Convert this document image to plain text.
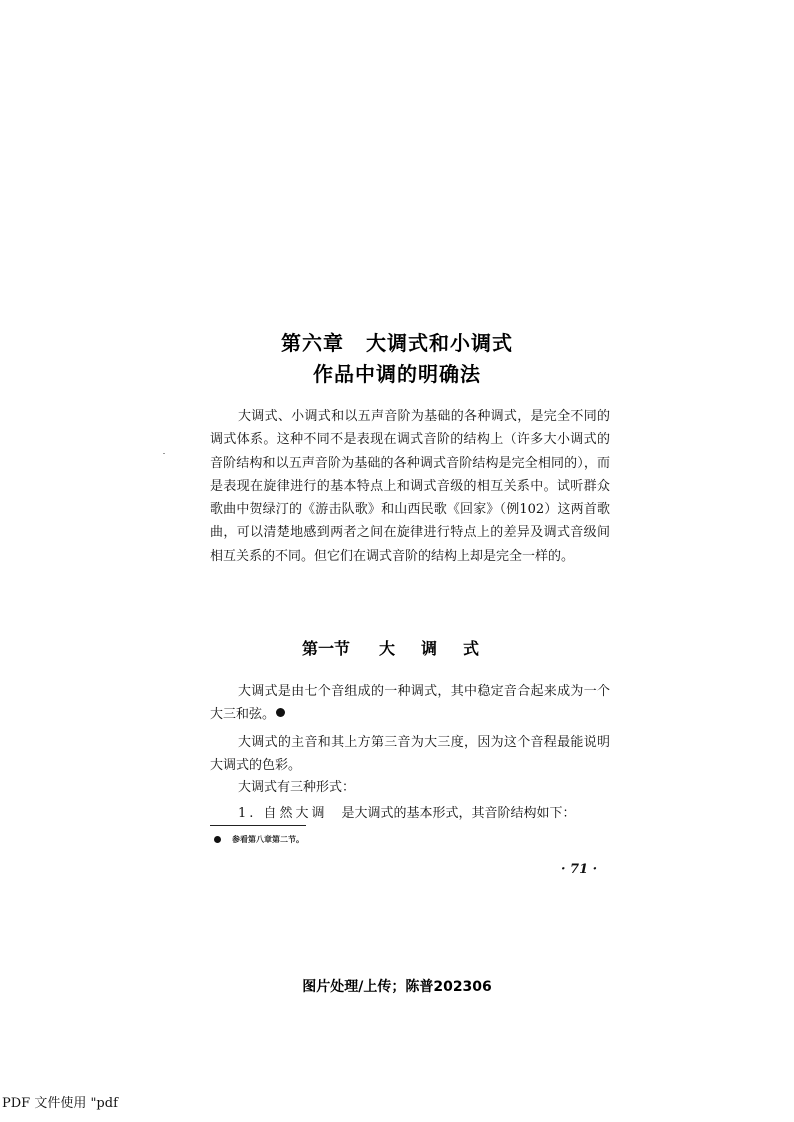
第六章 大调式和小调式
作品中调的明确法

大调式、小调式和以五声音阶为基础的各种调式，是完全不同的调式体系。这种不同不是表现在调式音阶的结构上（许多大小调式的音阶结构和以五声音阶为基础的各种调式音阶结构是完全相同的），而是表现在旋律进行的基本特点上和调式音级的相互关系中。试听群众歌曲中贺绿汀的《游击队歌》和山西民歌《回家》（例102）这两首歌曲，可以清楚地感到两者之间在旋律进行特点上的差异及调式音级间相互关系的不同。但它们在调式音阶的结构上却是完全一样的。

第一节 大 调 式

大调式是由七个音组成的一种调式，其中稳定音合起来成为一个大三和弦。

大调式的主音和其上方第三音为大三度，因为这个音程最能说明大调式的色彩。

大调式有三种形式：

1. 自然大调 是大调式的基本形式，其音阶结构如下：

参看第八章第二节。
· 71 ·
图片处理/上传；陈普202306
PDF 文件使用 "pdf
